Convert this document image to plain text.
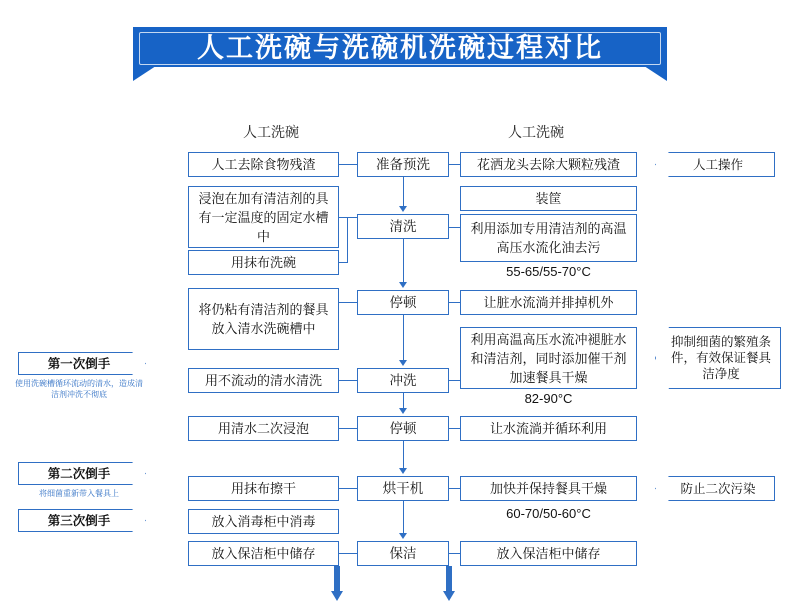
人工洗碗与洗碗机洗碗过程对比
人工洗碗	人工洗碗
准备预洗
清洗
停顿
冲洗
停顿
烘干机
保洁
人工去除食物残渣
浸泡在加有清洁剂的具有一定温度的固定水槽中
用抹布洗碗
将仍粘有清洁剂的餐具放入清水洗碗槽中
用不流动的清水清洗
用清水二次浸泡
用抹布擦干
放入消毒柜中消毒
放入保洁柜中储存
花洒龙头去除大颗粒残渣
装筐
利用添加专用清洁剂的高温高压水流化油去污
55-65/55-70°C
让脏水流淌并排掉机外
利用高温高压水流冲褪脏水和清洁剂，同时添加催干剂加速餐具干燥
82-90°C
让水流淌并循环利用
加快并保持餐具干燥
60-70/50-60°C
放入保洁柜中储存
人工操作
抑制细菌的繁殖条件，有效保证餐具洁净度
防止二次污染
第一次倒手
使用洗碗槽循环流动的清水，造成清洁剂冲洗不彻底
第二次倒手
将细菌重新带入餐具上
第三次倒手
